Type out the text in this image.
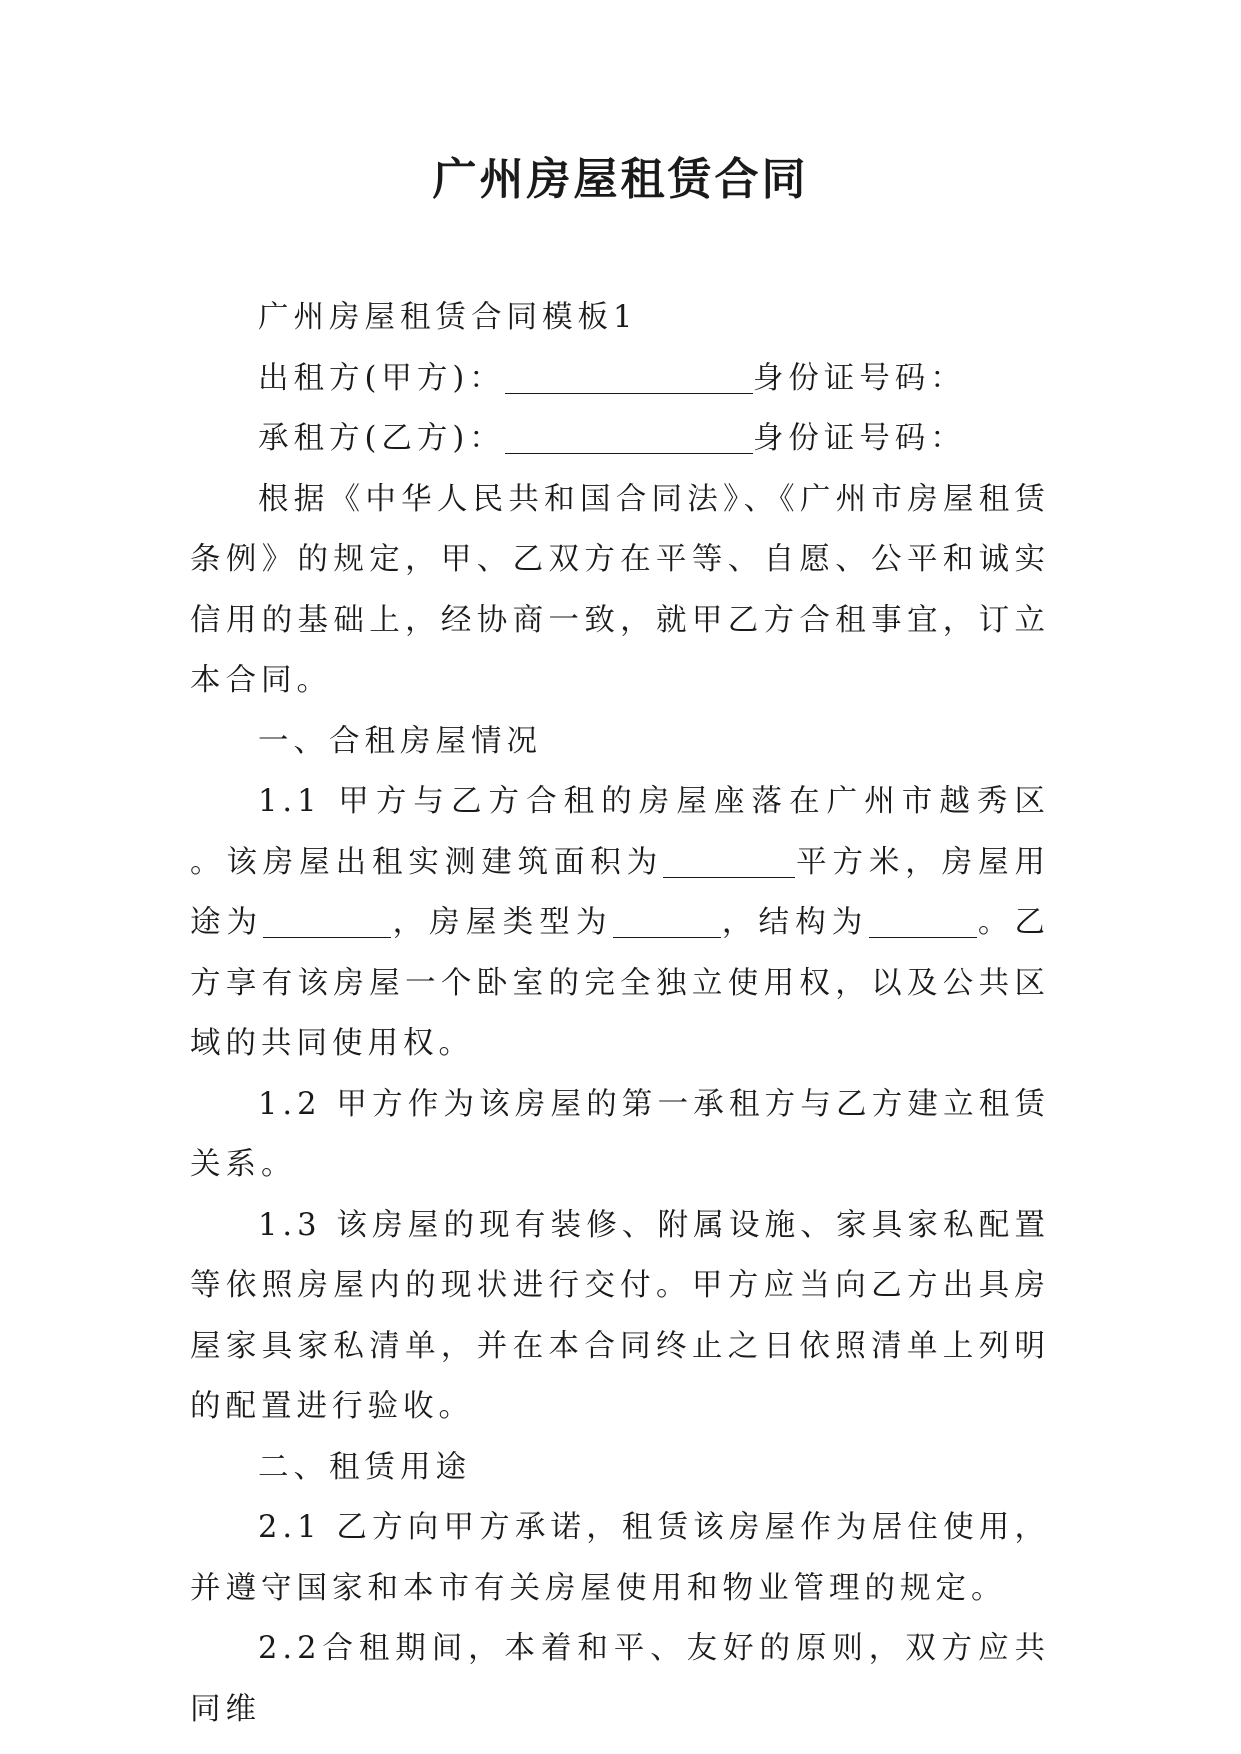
广州房屋租赁合同

广州房屋租赁合同模板1

出租方(甲方)：	身份证号码：

承租方(乙方)：	身份证号码：

根据《中华人民共和国合同法》、《广州市房屋租赁条例》的规定，甲、乙双方在平等、自愿、公平和诚实信用的基础上，经协商一致，就甲乙方合租事宜，订立本合同。

一、合租房屋情况

1.1 甲方与乙方合租的房屋座落在广州市越秀区 。该房屋出租实测建筑面积为	平方米，房屋用途为	，房屋类型为	，结构为	。乙方享有该房屋一个卧室的完全独立使用权，以及公共区域的共同使用权。

1.2 甲方作为该房屋的第一承租方与乙方建立租赁关系。

1.3 该房屋的现有装修、附属设施、家具家私配置等依照房屋内的现状进行交付。甲方应当向乙方出具房屋家具家私清单，并在本合同终止之日依照清单上列明的配置进行验收。

二、租赁用途

2.1 乙方向甲方承诺，租赁该房屋作为居住使用，并遵守国家和本市有关房屋使用和物业管理的规定。

2.2合租期间，本着和平、友好的原则，双方应共同维
